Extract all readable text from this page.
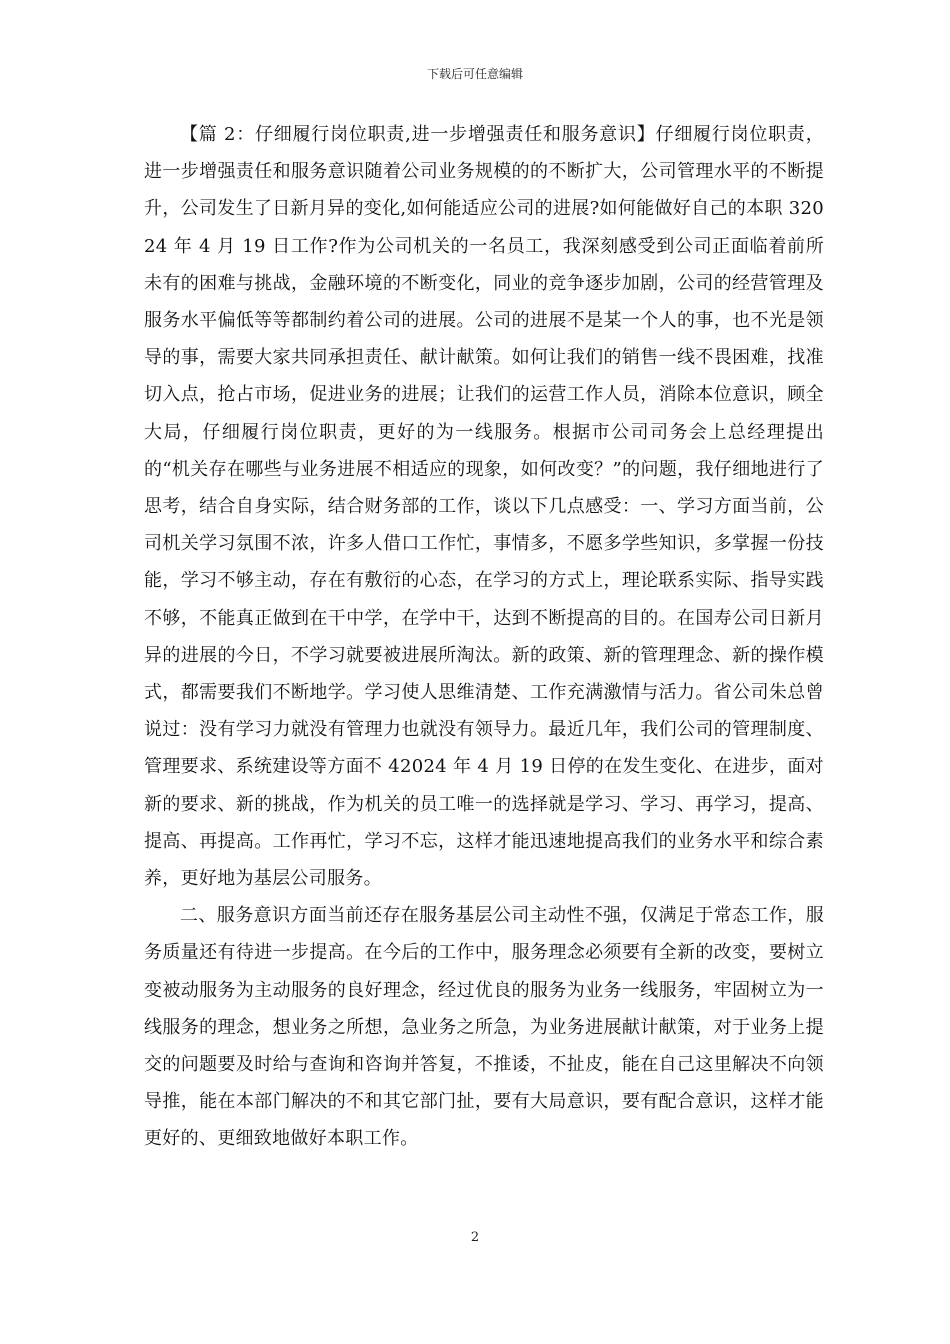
下载后可任意编辑

【篇 2：仔细履行岗位职责,进一步增强责任和服务意识】仔细履行岗位职责，进一步增强责任和服务意识随着公司业务规模的的不断扩大，公司管理水平的不断提升，公司发生了日新月异的变化,如何能适应公司的进展?如何能做好自己的本职 32024 年 4 月 19 日工作?作为公司机关的一名员工，我深刻感受到公司正面临着前所未有的困难与挑战，金融环境的不断变化，同业的竞争逐步加剧，公司的经营管理及服务水平偏低等等都制约着公司的进展。公司的进展不是某一个人的事，也不光是领导的事，需要大家共同承担责任、献计献策。如何让我们的销售一线不畏困难，找准切入点，抢占市场，促进业务的进展；让我们的运营工作人员，消除本位意识，顾全大局，仔细履行岗位职责，更好的为一线服务。根据市公司司务会上总经理提出的“机关存在哪些与业务进展不相适应的现象，如何改变？”的问题，我仔细地进行了思考，结合自身实际，结合财务部的工作，谈以下几点感受：一、学习方面当前，公司机关学习氛围不浓，许多人借口工作忙，事情多，不愿多学些知识，多掌握一份技能，学习不够主动，存在有敷衍的心态，在学习的方式上，理论联系实际、指导实践不够，不能真正做到在干中学，在学中干，达到不断提高的目的。在国寿公司日新月异的进展的今日，不学习就要被进展所淘汰。新的政策、新的管理理念、新的操作模式，都需要我们不断地学。学习使人思维清楚、工作充满激情与活力。省公司朱总曾说过：没有学习力就没有管理力也就没有领导力。最近几年，我们公司的管理制度、管理要求、系统建设等方面不 42024 年 4 月 19 日停的在发生变化、在进步，面对新的要求、新的挑战，作为机关的员工唯一的选择就是学习、学习、再学习，提高、提高、再提高。工作再忙，学习不忘，这样才能迅速地提高我们的业务水平和综合素养，更好地为基层公司服务。

二、服务意识方面当前还存在服务基层公司主动性不强，仅满足于常态工作，服务质量还有待进一步提高。在今后的工作中，服务理念必须要有全新的改变，要树立变被动服务为主动服务的良好理念，经过优良的服务为业务一线服务，牢固树立为一线服务的理念，想业务之所想，急业务之所急，为业务进展献计献策，对于业务上提交的问题要及时给与查询和咨询并答复，不推诿，不扯皮，能在自己这里解决不向领导推，能在本部门解决的不和其它部门扯，要有大局意识，要有配合意识，这样才能更好的、更细致地做好本职工作。

2
